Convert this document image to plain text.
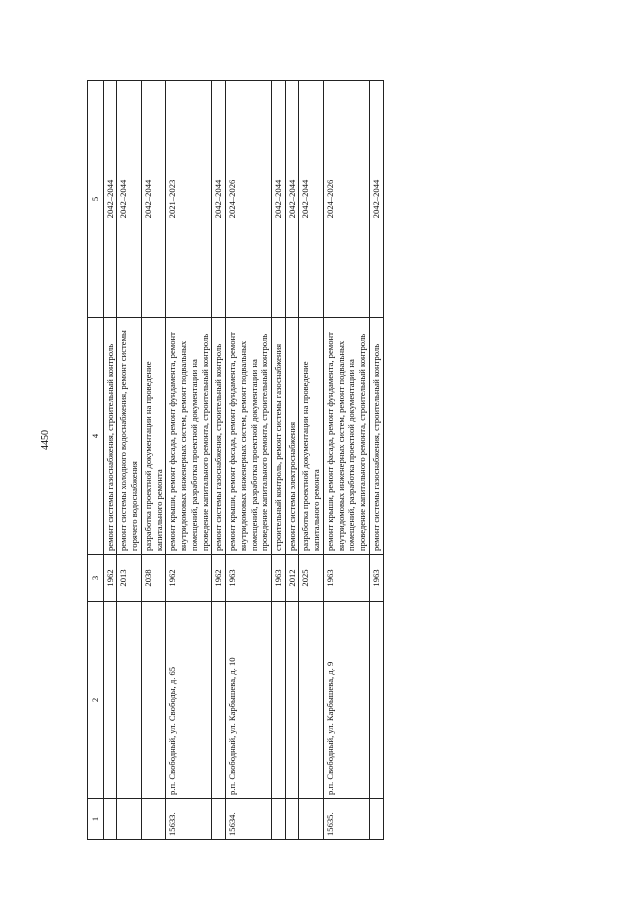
4450
1	2	3	4	5
		1962	ремонт системы газоснабжения, строительный контроль	2042–2044
		2013	ремонт системы холодного водоснабжения, ремонт системы горячего водоснабжения	2042–2044
		2038	разработка проектной документации на проведение капитального ремонта	2042–2044
15633.	р.п. Свободный, ул. Свободы, д. 65	1962	ремонт крыши, ремонт фасада, ремонт фундамента, ремонт внутридомовых инженерных систем, ремонт подвальных помещений, разработка проектной документации на проведение капитального ремонта, строительный контроль	2021–2023
		1962	ремонт системы газоснабжения, строительный контроль	2042–2044
15634.	р.п. Свободный, ул. Карбышева, д. 10	1963	ремонт крыши, ремонт фасада, ремонт фундамента, ремонт внутридомовых инженерных систем, ремонт подвальных помещений, разработка проектной документации на проведение капитального ремонта, строительный контроль	2024–2026
		1963	строительный контроль, ремонт системы газоснабжения	2042–2044
		2012	ремонт системы электроснабжения	2042–2044
		2025	разработка проектной документации на проведение капитального ремонта	2042–2044
15635.	р.п. Свободный, ул. Карбышева, д. 9	1963	ремонт крыши, ремонт фасада, ремонт фундамента, ремонт внутридомовых инженерных систем, ремонт подвальных помещений, разработка проектной документации на проведение капитального ремонта, строительный контроль	2024–2026
		1963	ремонт системы газоснабжения, строительный контроль	2042–2044
